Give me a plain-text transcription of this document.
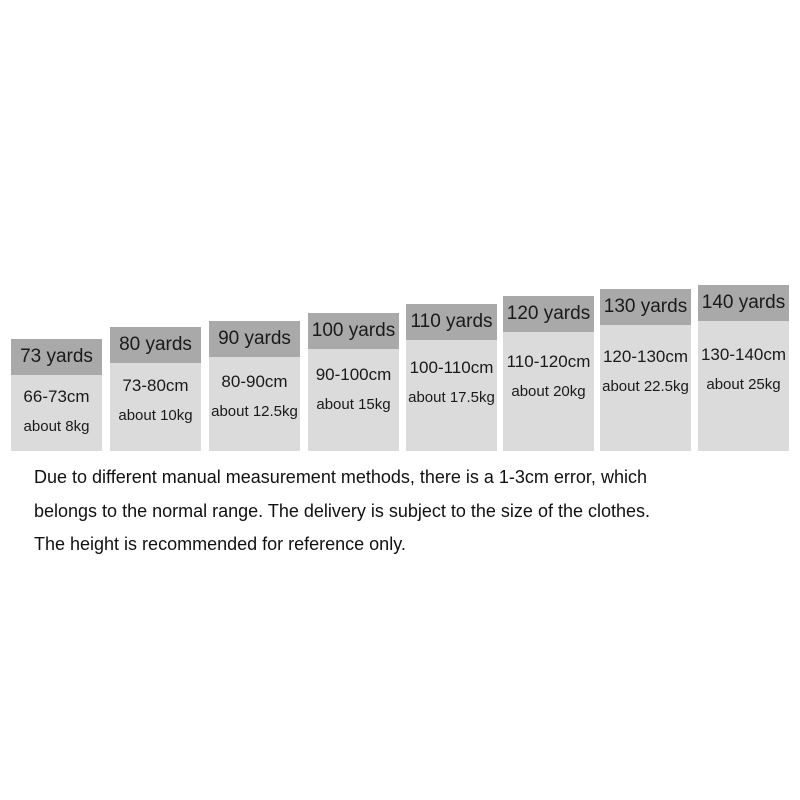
73 yards
66-73cm
about 8kg
80 yards
73-80cm
about 10kg
90 yards
80-90cm
about 12.5kg
100 yards
90-100cm
about 15kg
110 yards
100-110cm
about 17.5kg
120 yards
110-120cm
about 20kg
130 yards
120-130cm
about 22.5kg
140 yards
130-140cm
about 25kg
Due to different manual measurement methods, there is a 1-3cm error, which
belongs to the normal range. The delivery is subject to the size of the clothes.
The height is recommended for reference only.
